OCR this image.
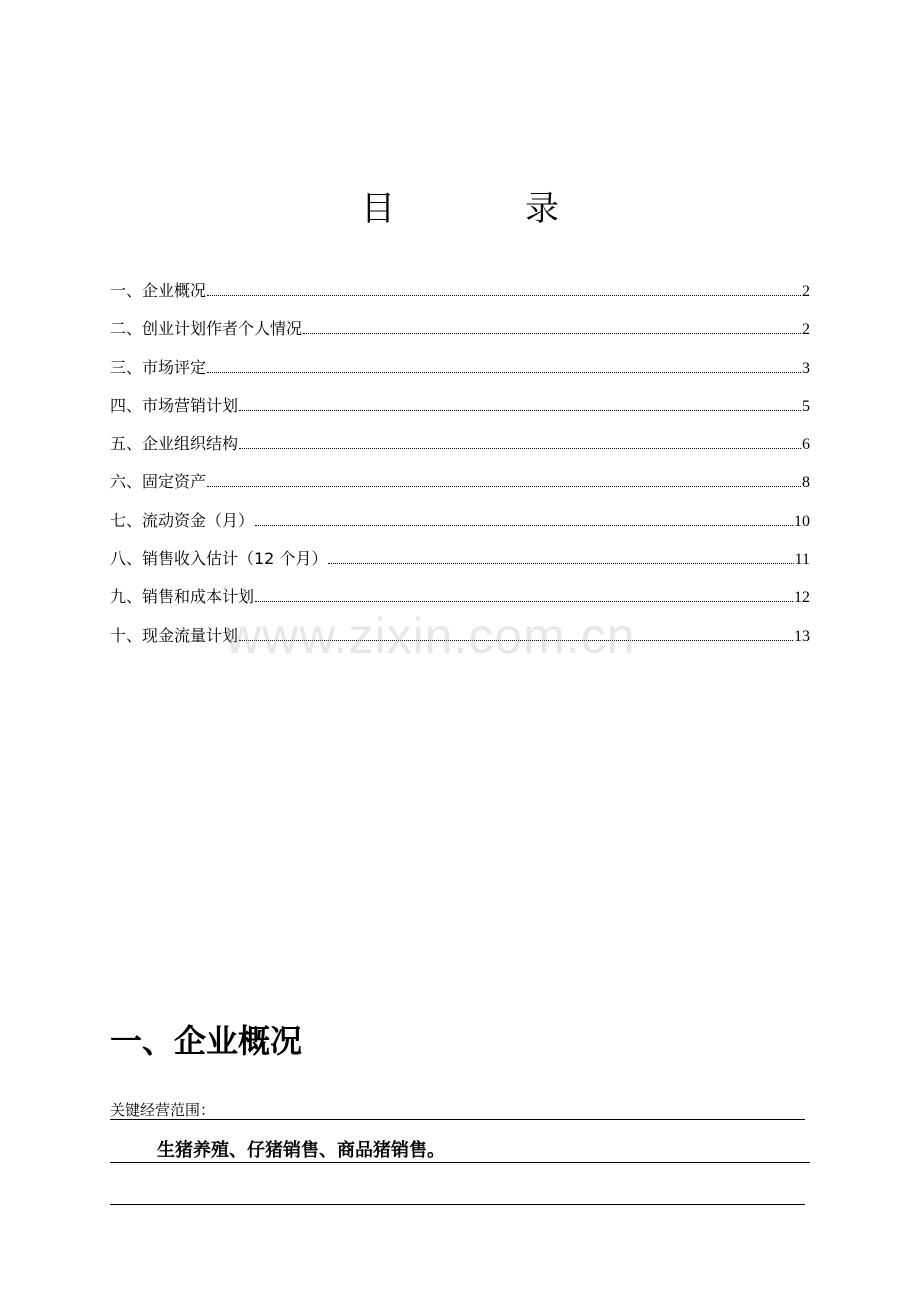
目　录
一、企业概况	2
二、创业计划作者个人情况	2
三、市场评定	3
四、市场营销计划	5
五、企业组织结构	6
六、固定资产	8
七、流动资金（月）	10
八、销售收入估计（12 个月）	11
九、销售和成本计划	12
十、现金流量计划	13
www.zixin.com.cn
一、企业概况
关键经营范围：
生猪养殖、仔猪销售、商品猪销售。
